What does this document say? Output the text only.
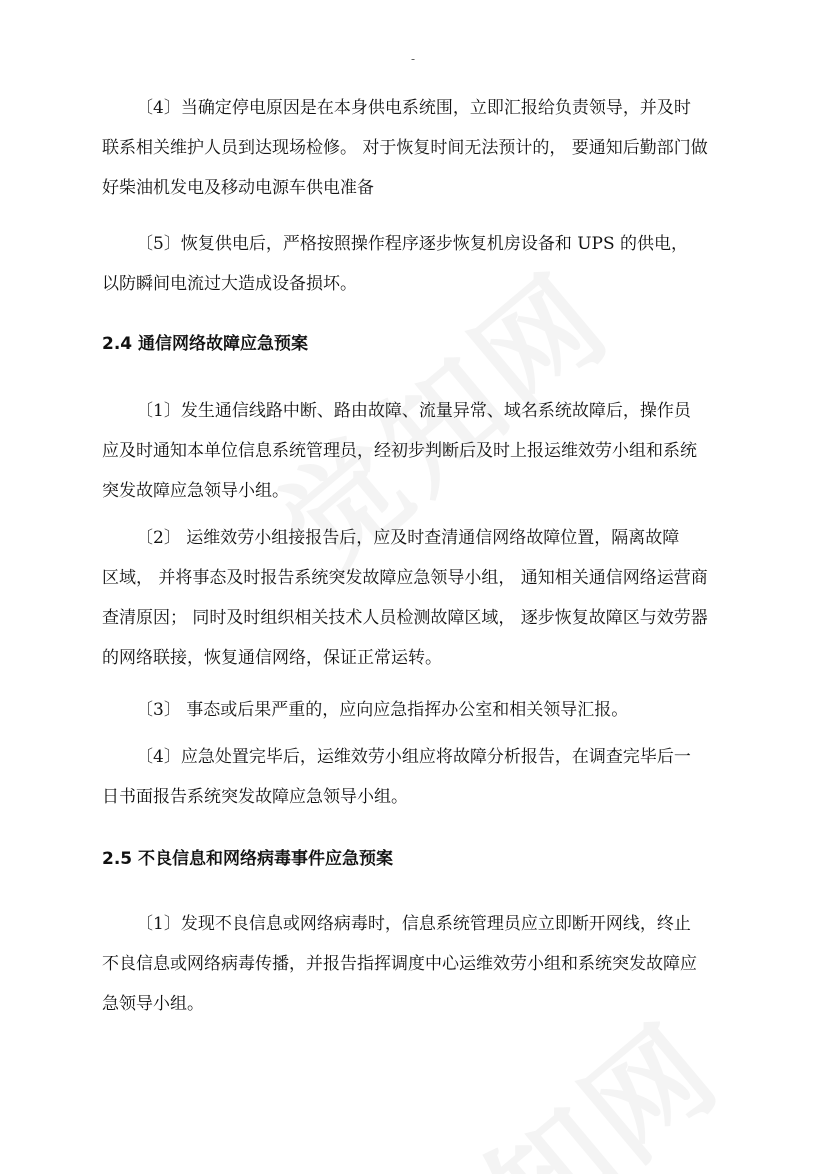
-
〔4〕当确定停电原因是在本身供电系统围，立即汇报给负责领导，并及时
联系相关维护人员到达现场检修。 对于恢复时间无法预计的， 要通知后勤部门做
好柴油机发电及移动电源车供电准备
〔5〕恢复供电后，严格按照操作程序逐步恢复机房设备和 UPS 的供电，
以防瞬间电流过大造成设备损坏。
2.4 通信网络故障应急预案
〔1〕发生通信线路中断、路由故障、流量异常、域名系统故障后，操作员
应及时通知本单位信息系统管理员，经初步判断后及时上报运维效劳小组和系统
突发故障应急领导小组。
〔2〕 运维效劳小组接报告后，应及时查清通信网络故障位置，隔离故障
区域， 并将事态及时报告系统突发故障应急领导小组， 通知相关通信网络运营商
查清原因； 同时及时组织相关技术人员检测故障区域， 逐步恢复故障区与效劳器
的网络联接，恢复通信网络，保证正常运转。
〔3〕 事态或后果严重的，应向应急指挥办公室和相关领导汇报。
〔4〕应急处置完毕后，运维效劳小组应将故障分析报告，在调查完毕后一
日书面报告系统突发故障应急领导小组。
2.5 不良信息和网络病毒事件应急预案
〔1〕发现不良信息或网络病毒时，信息系统管理员应立即断开网线，终止
不良信息或网络病毒传播，并报告指挥调度中心运维效劳小组和系统突发故障应
急领导小组。
